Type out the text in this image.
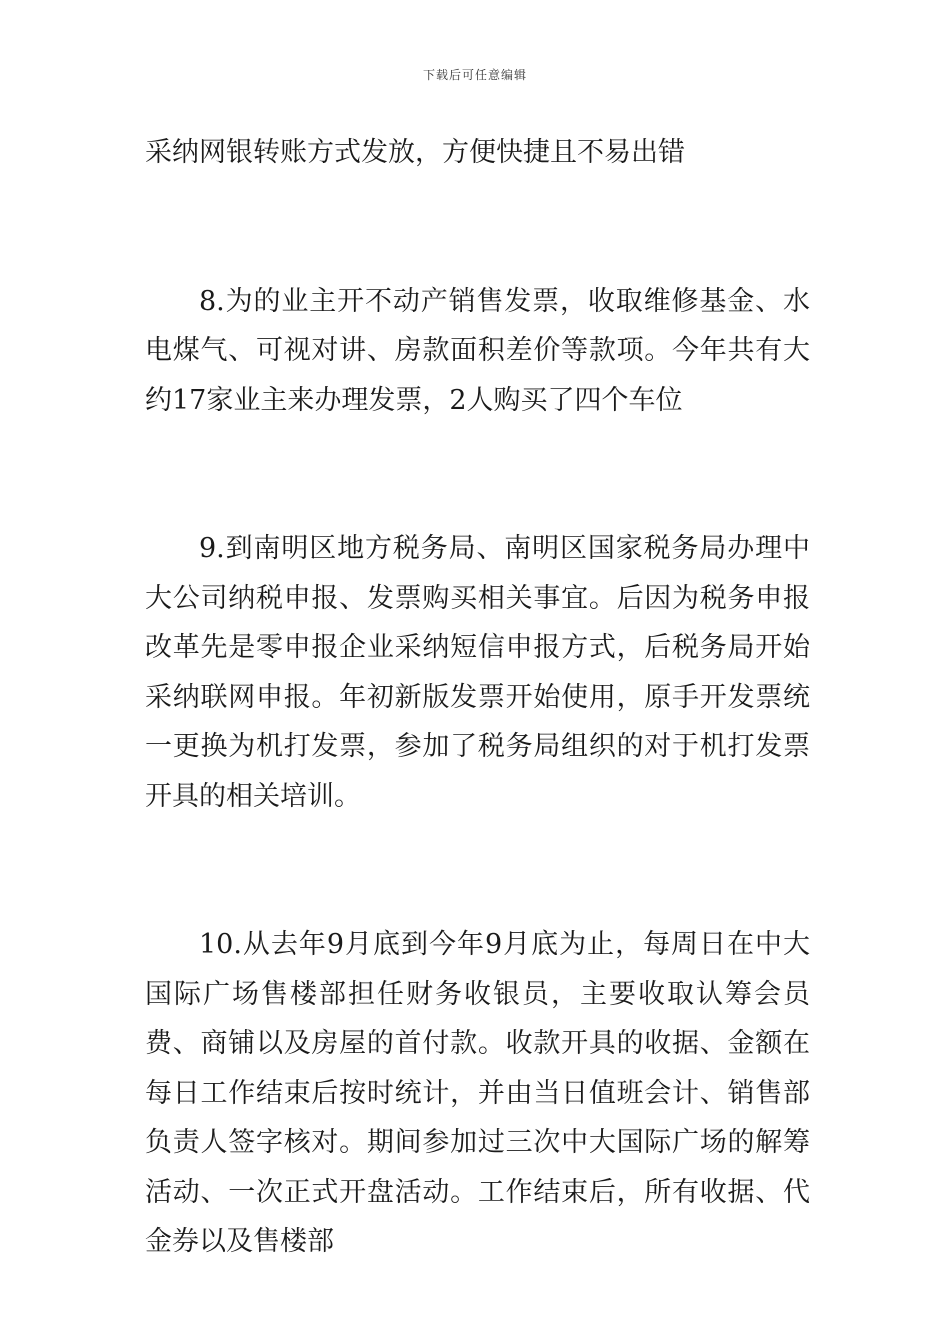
下载后可任意编辑

采纳网银转账方式发放，方便快捷且不易出错

8.为的业主开不动产销售发票，收取维修基金、水电煤气、可视对讲、房款面积差价等款项。今年共有大约17家业主来办理发票，2人购买了四个车位

9.到南明区地方税务局、南明区国家税务局办理中大公司纳税申报、发票购买相关事宜。后因为税务申报改革先是零申报企业采纳短信申报方式，后税务局开始采纳联网申报。年初新版发票开始使用，原手开发票统一更换为机打发票，参加了税务局组织的对于机打发票开具的相关培训。

10.从去年9月底到今年9月底为止，每周日在中大国际广场售楼部担任财务收银员，主要收取认筹会员费、商铺以及房屋的首付款。收款开具的收据、金额在每日工作结束后按时统计，并由当日值班会计、销售部负责人签字核对。期间参加过三次中大国际广场的解筹活动、一次正式开盘活动。工作结束后，所有收据、代金券以及售楼部
